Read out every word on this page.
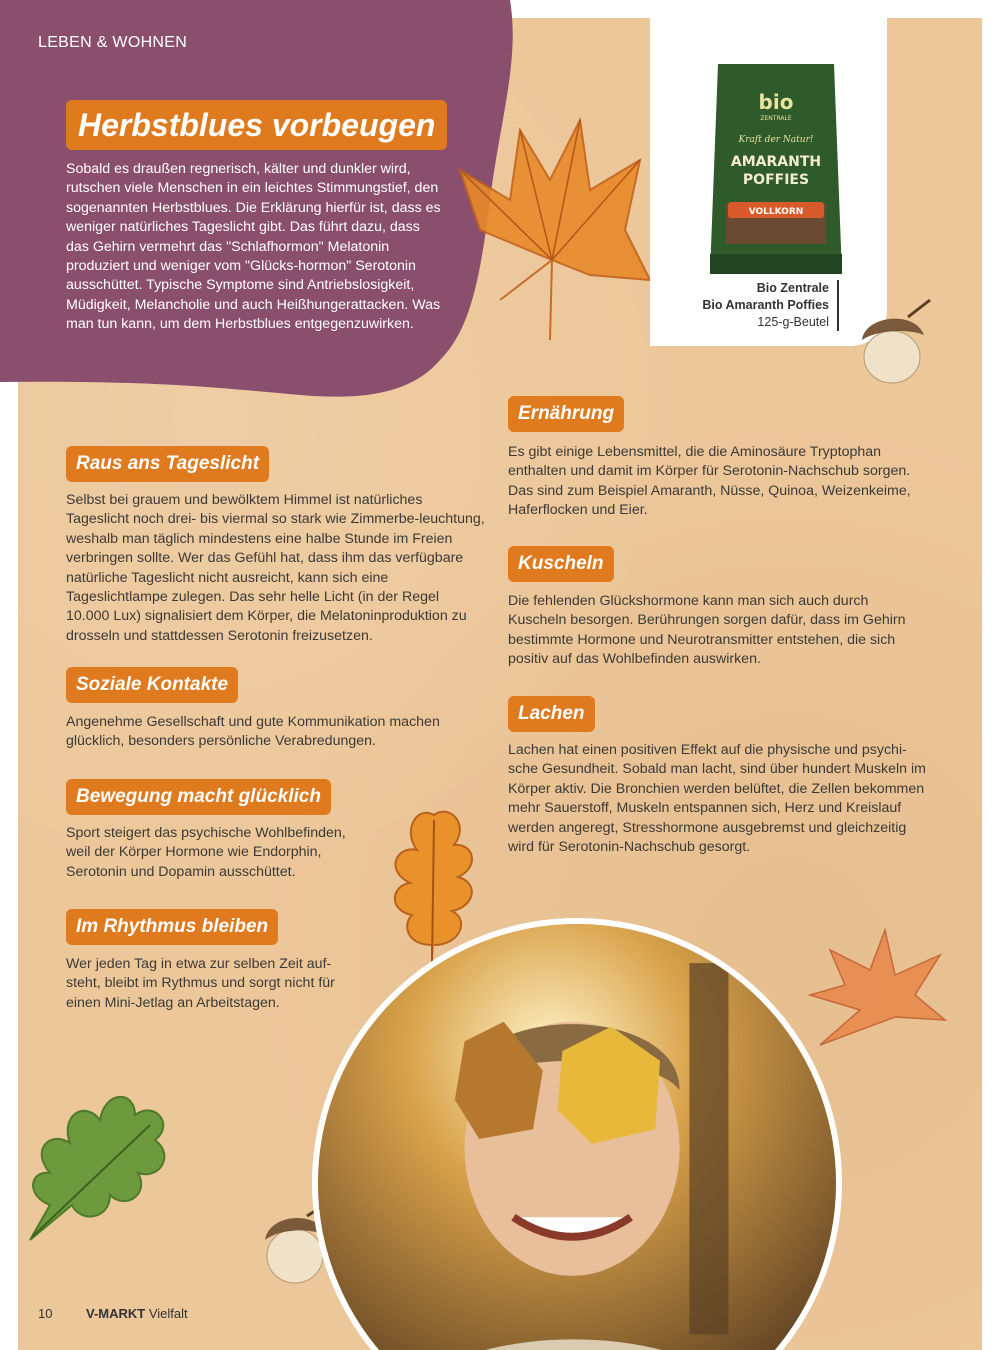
LEBEN & WOHNEN
Herbstblues vorbeugen
Sobald es draußen regnerisch, kälter und dunkler wird, rutschen viele Menschen in ein leichtes Stimmungstief, den sogenannten Herbstblues. Die Erklärung hierfür ist, dass es weniger natürliches Tageslicht gibt. Das führt dazu, dass das Gehirn vermehrt das "Schlafhormon" Melatonin produziert und weniger vom "Glücks-hormon" Serotonin ausschüttet. Typische Symptome sind Antriebslosigkeit, Müdigkeit, Melancholie und auch Heißhungerattacken. Was man tun kann, um dem Herbstblues entgegenzuwirken.
VOLLKORN
bio
ZENTRALE
Kraft der Natur!
AMARANTH
POFFIES
Bio Zentrale
Bio Amaranth Poffies
125-g-Beutel
Raus ans Tageslicht
Selbst bei grauem und bewölktem Himmel ist natürliches Tageslicht noch drei- bis viermal so stark wie Zimmerbe-leuchtung, weshalb man täglich mindestens eine halbe Stunde im Freien verbringen sollte. Wer das Gefühl hat, dass ihm das verfügbare natürliche Tageslicht nicht ausreicht, kann sich eine Tageslichtlampe zulegen. Das sehr helle Licht (in der Regel 10.000 Lux) signalisiert dem Körper, die Melatoninproduktion zu drosseln und stattdessen Serotonin freizusetzen.
Soziale Kontakte
Angenehme Gesellschaft und gute Kommunikation machen glücklich, besonders persönliche Verabredungen.
Bewegung macht glücklich
Sport steigert das psychische Wohlbefinden, weil der Körper Hormone wie Endorphin, Serotonin und Dopamin ausschüttet.
Im Rhythmus bleiben
Wer jeden Tag in etwa zur selben Zeit auf-steht, bleibt im Rythmus und sorgt nicht für einen Mini-Jetlag an Arbeitstagen.
Ernährung
Es gibt einige Lebensmittel, die die Aminosäure Tryptophan enthalten und damit im Körper für Serotonin-Nachschub sorgen. Das sind zum Beispiel Amaranth, Nüsse, Quinoa, Weizenkeime, Haferflocken und Eier.
Kuscheln
Die fehlenden Glückshormone kann man sich auch durch Kuscheln besorgen. Berührungen sorgen dafür, dass im Gehirn bestimmte Hormone und Neurotransmitter entstehen, die sich positiv auf das Wohlbefinden auswirken.
Lachen
Lachen hat einen positiven Effekt auf die physische und psychi-sche Gesundheit. Sobald man lacht, sind über hundert Muskeln im Körper aktiv. Die Bronchien werden belüftet, die Zellen bekommen mehr Sauerstoff, Muskeln entspannen sich, Herz und Kreislauf werden angeregt, Stresshormone ausgebremst und gleichzeitig wird für Serotonin-Nachschub gesorgt.
10	V-MARKT Vielfalt
